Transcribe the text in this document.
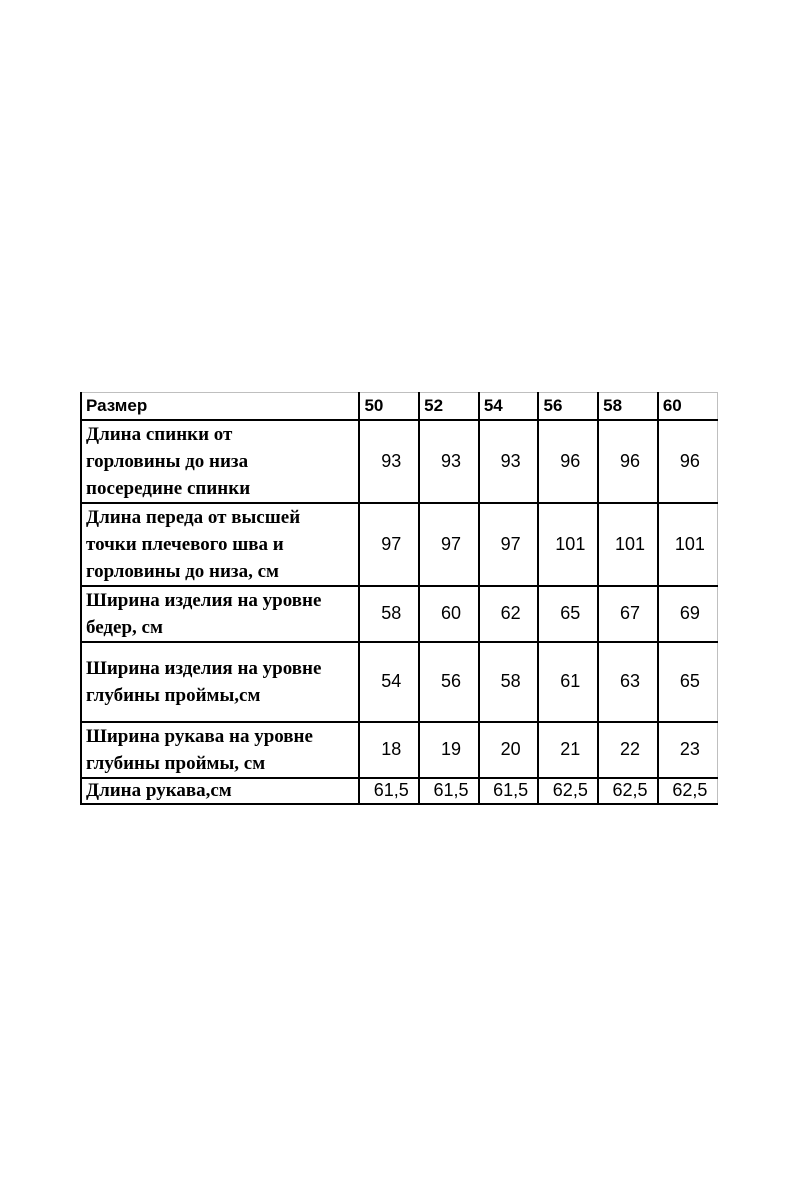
Размер	50	52	54	56	58	60

Длина спинки от
горловины до низа
посередине спинки	93	93	93	96	96	96

Длина переда от высшей
точки плечевого шва и
горловины до низа, см	97	97	97	101	101	101

Ширина изделия на уровне
бедер, см	58	60	62	65	67	69

Ширина изделия на уровне
глубины проймы,см	54	56	58	61	63	65

Ширина рукава на уровне
глубины проймы, см	18	19	20	21	22	23

Длина рукава,см	61,5	61,5	61,5	62,5	62,5	62,5
